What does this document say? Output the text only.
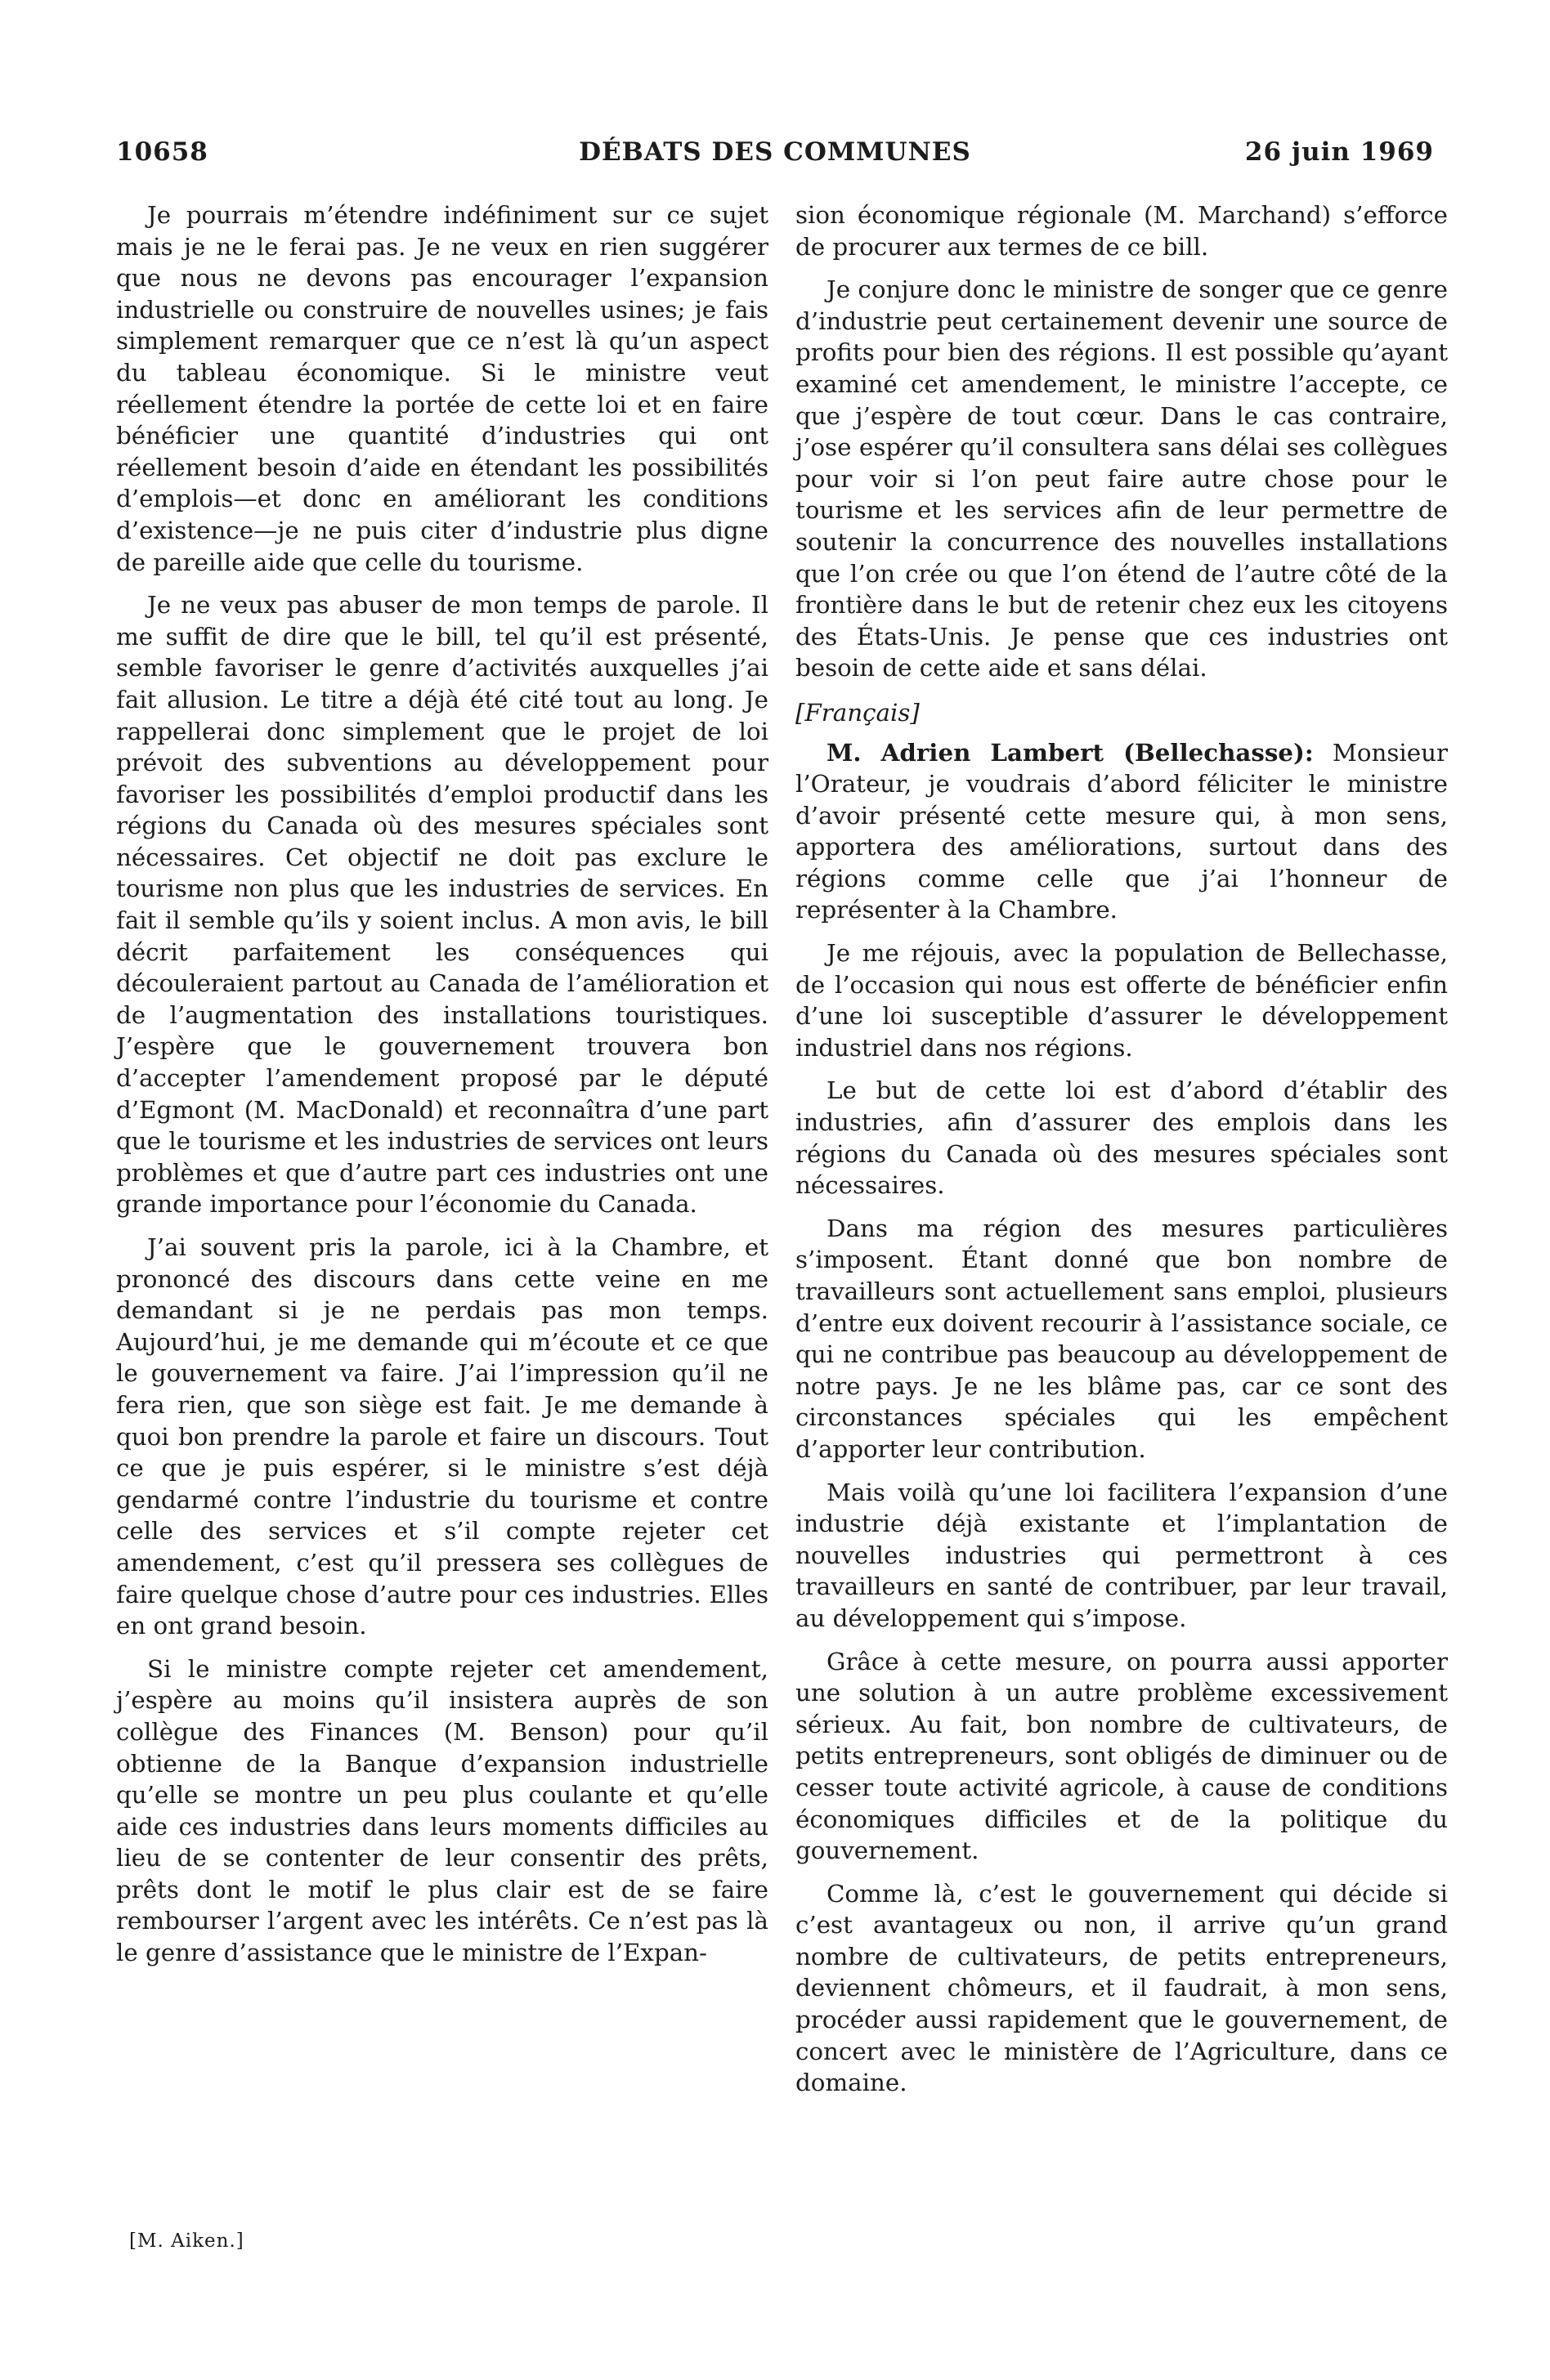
10658	DÉBATS DES COMMUNES	26 juin 1969

Je pourrais m’étendre indéfiniment sur ce sujet mais je ne le ferai pas. Je ne veux en rien suggérer que nous ne devons pas encourager l’expansion industrielle ou construire de nouvelles usines; je fais simplement remarquer que ce n’est là qu’un aspect du tableau économique. Si le ministre veut réellement étendre la portée de cette loi et en faire bénéficier une quantité d’industries qui ont réellement besoin d’aide en étendant les possibilités d’emplois—et donc en améliorant les conditions d’existence—je ne puis citer d’industrie plus digne de pareille aide que celle du tourisme.

Je ne veux pas abuser de mon temps de parole. Il me suffit de dire que le bill, tel qu’il est présenté, semble favoriser le genre d’activités auxquelles j’ai fait allusion. Le titre a déjà été cité tout au long. Je rappellerai donc simplement que le projet de loi prévoit des subventions au développement pour favoriser les possibilités d’emploi productif dans les régions du Canada où des mesures spéciales sont nécessaires. Cet objectif ne doit pas exclure le tourisme non plus que les industries de services. En fait il semble qu’ils y soient inclus. A mon avis, le bill décrit parfaitement les conséquences qui découleraient partout au Canada de l’amélioration et de l’augmentation des installations touristiques. J’espère que le gouvernement trouvera bon d’accepter l’amendement proposé par le député d’Egmont (M. MacDonald) et reconnaîtra d’une part que le tourisme et les industries de services ont leurs problèmes et que d’autre part ces industries ont une grande importance pour l’économie du Canada.

J’ai souvent pris la parole, ici à la Chambre, et prononcé des discours dans cette veine en me demandant si je ne perdais pas mon temps. Aujourd’hui, je me demande qui m’écoute et ce que le gouvernement va faire. J’ai l’impression qu’il ne fera rien, que son siège est fait. Je me demande à quoi bon prendre la parole et faire un discours. Tout ce que je puis espérer, si le ministre s’est déjà gendarmé contre l’industrie du tourisme et contre celle des services et s’il compte rejeter cet amendement, c’est qu’il pressera ses collègues de faire quelque chose d’autre pour ces industries. Elles en ont grand besoin.

Si le ministre compte rejeter cet amendement, j’espère au moins qu’il insistera auprès de son collègue des Finances (M. Benson) pour qu’il obtienne de la Banque d’expansion industrielle qu’elle se montre un peu plus coulante et qu’elle aide ces industries dans leurs moments difficiles au lieu de se contenter de leur consentir des prêts, prêts dont le motif le plus clair est de se faire rembourser l’argent avec les intérêts. Ce n’est pas là le genre d’assistance que le ministre de l’Expan-

sion économique régionale (M. Marchand) s’efforce de procurer aux termes de ce bill.

Je conjure donc le ministre de songer que ce genre d’industrie peut certainement devenir une source de profits pour bien des régions. Il est possible qu’ayant examiné cet amendement, le ministre l’accepte, ce que j’espère de tout cœur. Dans le cas contraire, j’ose espérer qu’il consultera sans délai ses collègues pour voir si l’on peut faire autre chose pour le tourisme et les services afin de leur permettre de soutenir la concurrence des nouvelles installations que l’on crée ou que l’on étend de l’autre côté de la frontière dans le but de retenir chez eux les citoyens des États-Unis. Je pense que ces industries ont besoin de cette aide et sans délai.

[Français]

M. Adrien Lambert (Bellechasse): Monsieur l’Orateur, je voudrais d’abord féliciter le ministre d’avoir présenté cette mesure qui, à mon sens, apportera des améliorations, surtout dans des régions comme celle que j’ai l’honneur de représenter à la Chambre.

Je me réjouis, avec la population de Bellechasse, de l’occasion qui nous est offerte de bénéficier enfin d’une loi susceptible d’assurer le développement industriel dans nos régions.

Le but de cette loi est d’abord d’établir des industries, afin d’assurer des emplois dans les régions du Canada où des mesures spéciales sont nécessaires.

Dans ma région des mesures particulières s’imposent. Étant donné que bon nombre de travailleurs sont actuellement sans emploi, plusieurs d’entre eux doivent recourir à l’assistance sociale, ce qui ne contribue pas beaucoup au développement de notre pays. Je ne les blâme pas, car ce sont des circonstances spéciales qui les empêchent d’apporter leur contribution.

Mais voilà qu’une loi facilitera l’expansion d’une industrie déjà existante et l’implantation de nouvelles industries qui permettront à ces travailleurs en santé de contribuer, par leur travail, au développement qui s’impose.

Grâce à cette mesure, on pourra aussi apporter une solution à un autre problème excessivement sérieux. Au fait, bon nombre de cultivateurs, de petits entrepreneurs, sont obligés de diminuer ou de cesser toute activité agricole, à cause de conditions économiques difficiles et de la politique du gouvernement.

Comme là, c’est le gouvernement qui décide si c’est avantageux ou non, il arrive qu’un grand nombre de cultivateurs, de petits entrepreneurs, deviennent chômeurs, et il faudrait, à mon sens, procéder aussi rapidement que le gouvernement, de concert avec le ministère de l’Agriculture, dans ce domaine.

[M. Aiken.]
